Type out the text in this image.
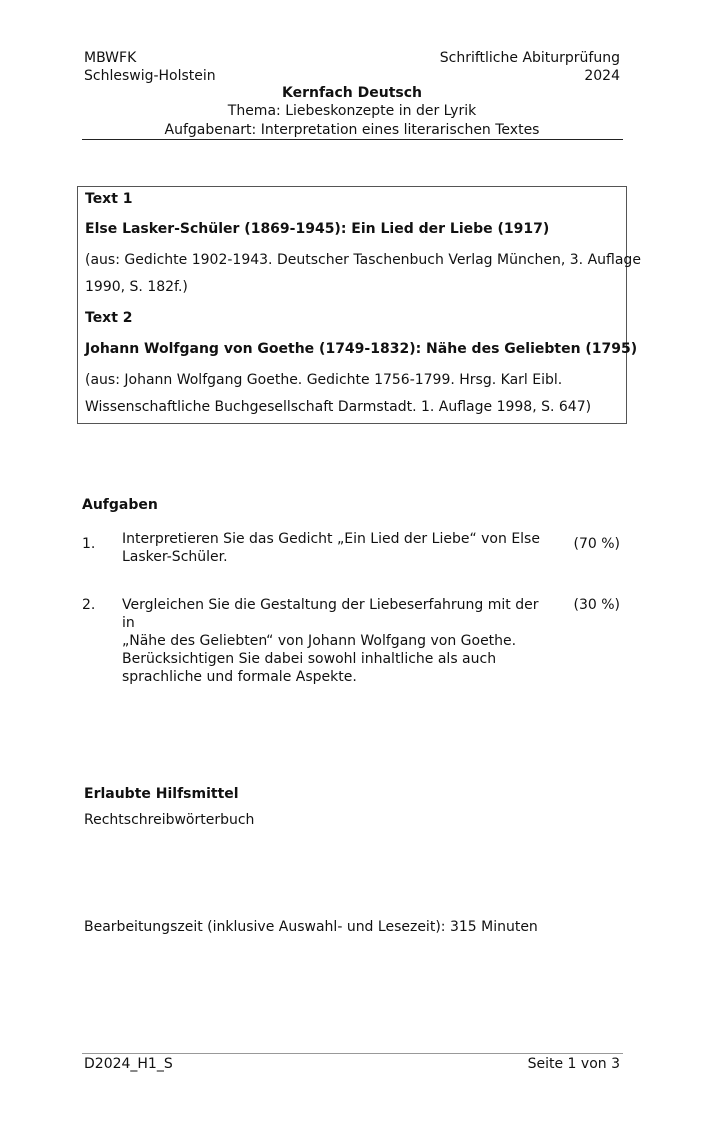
MBWFK
Schleswig-Holstein
Schriftliche Abiturprüfung
2024
Kernfach Deutsch
Thema: Liebeskonzepte in der Lyrik
Aufgabenart: Interpretation eines literarischen Textes
Text 1
Else Lasker-Schüler (1869-1945): Ein Lied der Liebe (1917)
(aus: Gedichte 1902-1943. Deutscher Taschenbuch Verlag München, 3. Auflage
1990, S. 182f.)
Text 2
Johann Wolfgang von Goethe (1749-1832): Nähe des Geliebten (1795)
(aus: Johann Wolfgang Goethe. Gedichte 1756-1799. Hrsg. Karl Eibl.
Wissenschaftliche Buchgesellschaft Darmstadt. 1. Auflage 1998, S. 647)
Aufgaben
1. Interpretieren Sie das Gedicht „Ein Lied der Liebe“ von Else
Lasker-Schüler.
(70 %)
2. Vergleichen Sie die Gestaltung der Liebeserfahrung mit der in
„Nähe des Geliebten“ von Johann Wolfgang von Goethe.
Berücksichtigen Sie dabei sowohl inhaltliche als auch
sprachliche und formale Aspekte.
(30 %)
Erlaubte Hilfsmittel
Rechtschreibwörterbuch
Bearbeitungszeit (inklusive Auswahl- und Lesezeit): 315 Minuten
D2024_H1_S	Seite 1 von 3
